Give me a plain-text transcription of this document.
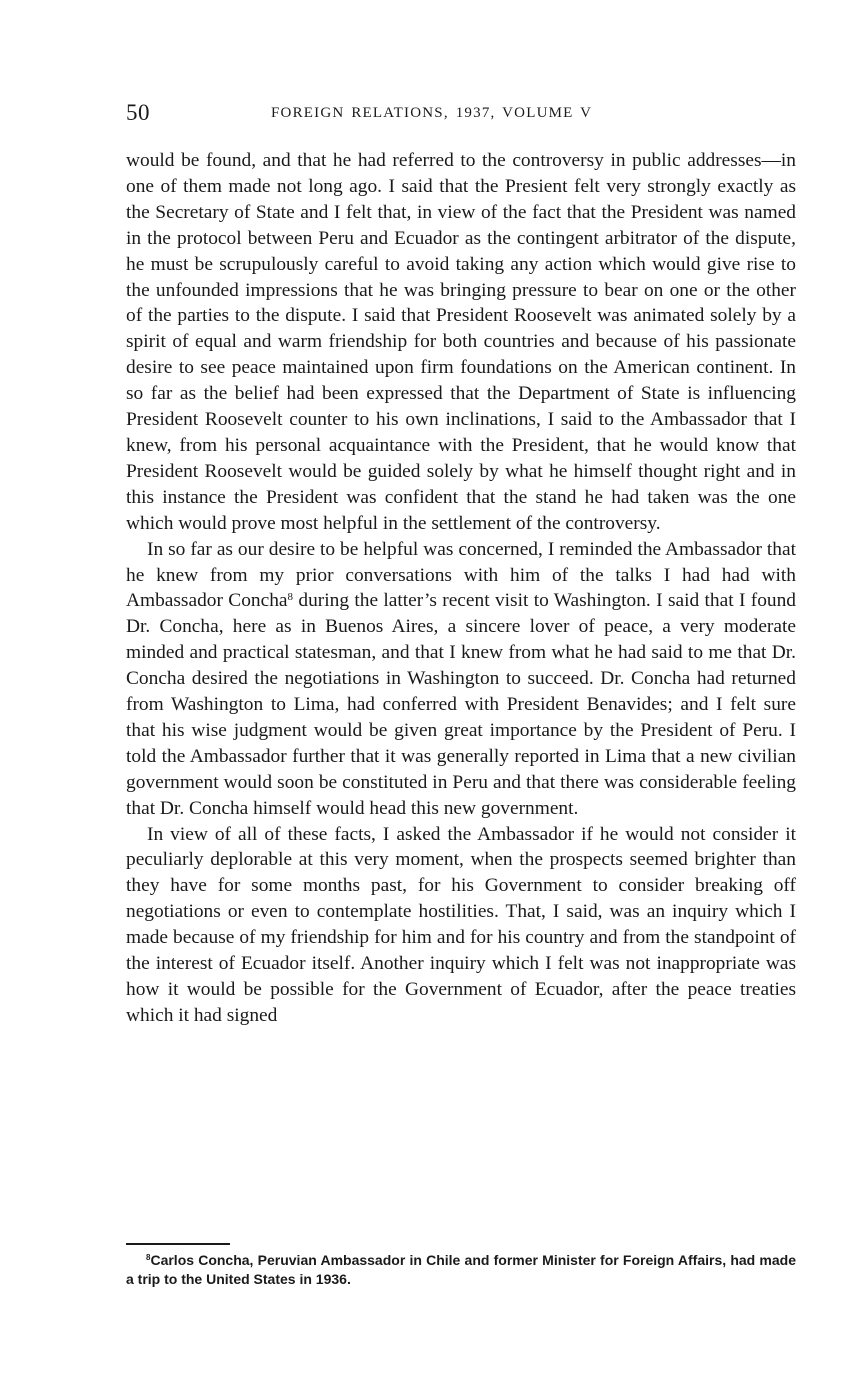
50	FOREIGN RELATIONS, 1937, VOLUME V

would be found, and that he had referred to the controversy in public addresses—in one of them made not long ago. I said that the Presient felt very strongly exactly as the Secretary of State and I felt that, in view of the fact that the President was named in the protocol between Peru and Ecuador as the contingent arbitrator of the dispute, he must be scrupulously careful to avoid taking any action which would give rise to the unfounded impressions that he was bringing pressure to bear on one or the other of the parties to the dispute. I said that President Roosevelt was animated solely by a spirit of equal and warm friendship for both countries and because of his passionate desire to see peace maintained upon firm foundations on the American continent. In so far as the belief had been expressed that the Department of State is influencing President Roosevelt counter to his own inclinations, I said to the Ambassador that I knew, from his personal acquaintance with the President, that he would know that President Roosevelt would be guided solely by what he himself thought right and in this instance the President was confident that the stand he had taken was the one which would prove most helpful in the settlement of the controversy.

In so far as our desire to be helpful was concerned, I reminded the Ambassador that he knew from my prior conversations with him of the talks I had had with Ambassador Concha$^8$ during the latter’s recent visit to Washington. I said that I found Dr. Concha, here as in Buenos Aires, a sincere lover of peace, a very moderate minded and practical statesman, and that I knew from what he had said to me that Dr. Concha desired the negotiations in Washington to succeed. Dr. Concha had returned from Washington to Lima, had conferred with President Benavides; and I felt sure that his wise judgment would be given great importance by the President of Peru. I told the Ambassador further that it was generally reported in Lima that a new civilian government would soon be constituted in Peru and that there was considerable feeling that Dr. Concha himself would head this new government.

In view of all of these facts, I asked the Ambassador if he would not consider it peculiarly deplorable at this very moment, when the prospects seemed brighter than they have for some months past, for his Government to consider breaking off negotiations or even to contemplate hostilities. That, I said, was an inquiry which I made because of my friendship for him and for his country and from the standpoint of the interest of Ecuador itself. Another inquiry which I felt was not inappropriate was how it would be possible for the Government of Ecuador, after the peace treaties which it had signed

$^8$Carlos Concha, Peruvian Ambassador in Chile and former Minister for Foreign Affairs, had made a trip to the United States in 1936.
